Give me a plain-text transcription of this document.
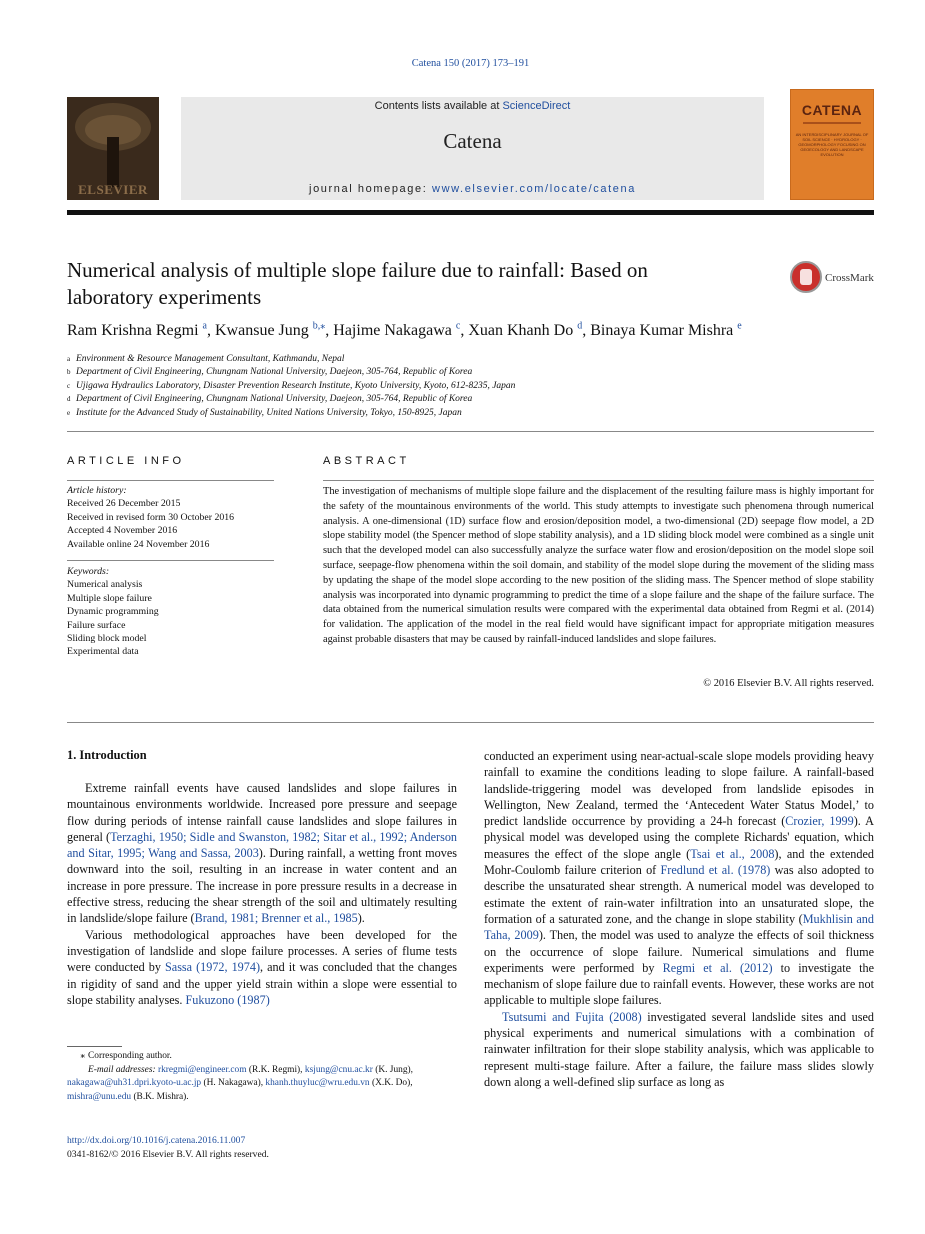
Catena 150 (2017) 173–191
ELSEVIER
Contents lists available at ScienceDirect
Catena
journal homepage: www.elsevier.com/locate/catena
CATENA
AN INTERDISCIPLINARY JOURNAL OF SOIL SCIENCE · HYDROLOGY · GEOMORPHOLOGY FOCUSING ON GEOECOLOGY AND LANDSCAPE EVOLUTION
Numerical analysis of multiple slope failure due to rainfall: Based on
laboratory experiments
CrossMark
Ram Krishna Regmi $^a$, Kwansue Jung $^{b,⁎}$, Hajime Nakagawa $^c$, Xuan Khanh Do $^d$, Binaya Kumar Mishra $^e$
a Environment & Resource Management Consultant, Kathmandu, Nepal
b Department of Civil Engineering, Chungnam National University, Daejeon, 305-764, Republic of Korea
c Ujigawa Hydraulics Laboratory, Disaster Prevention Research Institute, Kyoto University, Kyoto, 612-8235, Japan
d Department of Civil Engineering, Chungnam National University, Daejeon, 305-764, Republic of Korea
e Institute for the Advanced Study of Sustainability, United Nations University, Tokyo, 150-8925, Japan
ARTICLE INFO
Article history:
Received 26 December 2015
Received in revised form 30 October 2016
Accepted 4 November 2016
Available online 24 November 2016
Keywords:
Numerical analysis
Multiple slope failure
Dynamic programming
Failure surface
Sliding block model
Experimental data
ABSTRACT
The investigation of mechanisms of multiple slope failure and the displacement of the resulting failure mass is highly important for the safety of the mountainous environments of the world. This study attempts to investigate such phenomena through numerical analysis. A one-dimensional (1D) surface flow and erosion/deposition model, a two-dimensional (2D) seepage flow model, a 2D slope stability model (the Spencer method of slope stability analysis), and a 1D sliding block model were combined as a single unit such that the developed model can also successfully analyze the surface water flow and erosion/deposition on the model slope soil surface, seepage-flow phenomena within the soil domain, and stability of the model slope during the movement of the sliding mass by updating the shape of the model slope according to the new position of the sliding mass. The Spencer method of slope stability analysis was incorporated into dynamic programming to predict the time of a slope failure and the shape of the failure surface. The data obtained from the numerical simulation results were compared with the experimental data obtained from Regmi et al. (2014) for validation. The application of the model in the real field would have significant impact for appropriate mitigation measures against probable disasters that may be caused by rainfall-induced landslides and slope failures.
© 2016 Elsevier B.V. All rights reserved.
1. Introduction

Extreme rainfall events have caused landslides and slope failures in mountainous environments worldwide. Increased pore pressure and seepage flow during periods of intense rainfall cause landslides and slope failures in general (Terzaghi, 1950; Sidle and Swanston, 1982; Sitar et al., 1992; Anderson and Sitar, 1995; Wang and Sassa, 2003). During rainfall, a wetting front moves downward into the soil, resulting in an increase in water content and an increase in pore pressure. The increase in pore pressure results in a decrease in effective stress, reducing the shear strength of the soil and ultimately resulting in landslide/slope failure (Brand, 1981; Brenner et al., 1985).

Various methodological approaches have been developed for the investigation of landslide and slope failure processes. A series of flume tests were conducted by Sassa (1972, 1974), and it was concluded that the changes in rigidity of sand and the upper yield strain within a slope were essential to slope stability analyses. Fukuzono (1987)

conducted an experiment using near-actual-scale slope models providing heavy rainfall to examine the conditions leading to slope failure. A rainfall-based landslide-triggering model was developed from landslide episodes in Wellington, New Zealand, termed the ‘Antecedent Water Status Model,’ to predict landslide occurrence by providing a 24-h forecast (Crozier, 1999). A physical model was developed using the complete Richards' equation, which measures the effect of the slope angle (Tsai et al., 2008), and the extended Mohr-Coulomb failure criterion of Fredlund et al. (1978) was also adopted to describe the unsaturated shear strength. A numerical model was developed to estimate the extent of rain-water infiltration into an unsaturated slope, the formation of a saturated zone, and the change in slope stability (Mukhlisin and Taha, 2009). Then, the model was used to analyze the effects of soil thickness on the occurrence of slope failure. Numerical simulations and flume experiments were performed by Regmi et al. (2012) to investigate the mechanism of slope failure due to rainfall events. However, these works are not applicable to multiple slope failures.

Tsutsumi and Fujita (2008) investigated several landslide sites and used physical experiments and numerical simulations with a combination of rainwater infiltration for their slope stability analysis, which was applicable to represent multi-stage failure. After a failure, the failure mass slides slowly down along a well-defined slip surface as long as

⁎ Corresponding author.
E-mail addresses: rkregmi@engineer.com (R.K. Regmi), ksjung@cnu.ac.kr (K. Jung),
nakagawa@uh31.dpri.kyoto-u.ac.jp (H. Nakagawa), khanh.thuyluc@wru.edu.vn (X.K. Do),
mishra@unu.edu (B.K. Mishra).
http://dx.doi.org/10.1016/j.catena.2016.11.007
0341-8162/© 2016 Elsevier B.V. All rights reserved.
